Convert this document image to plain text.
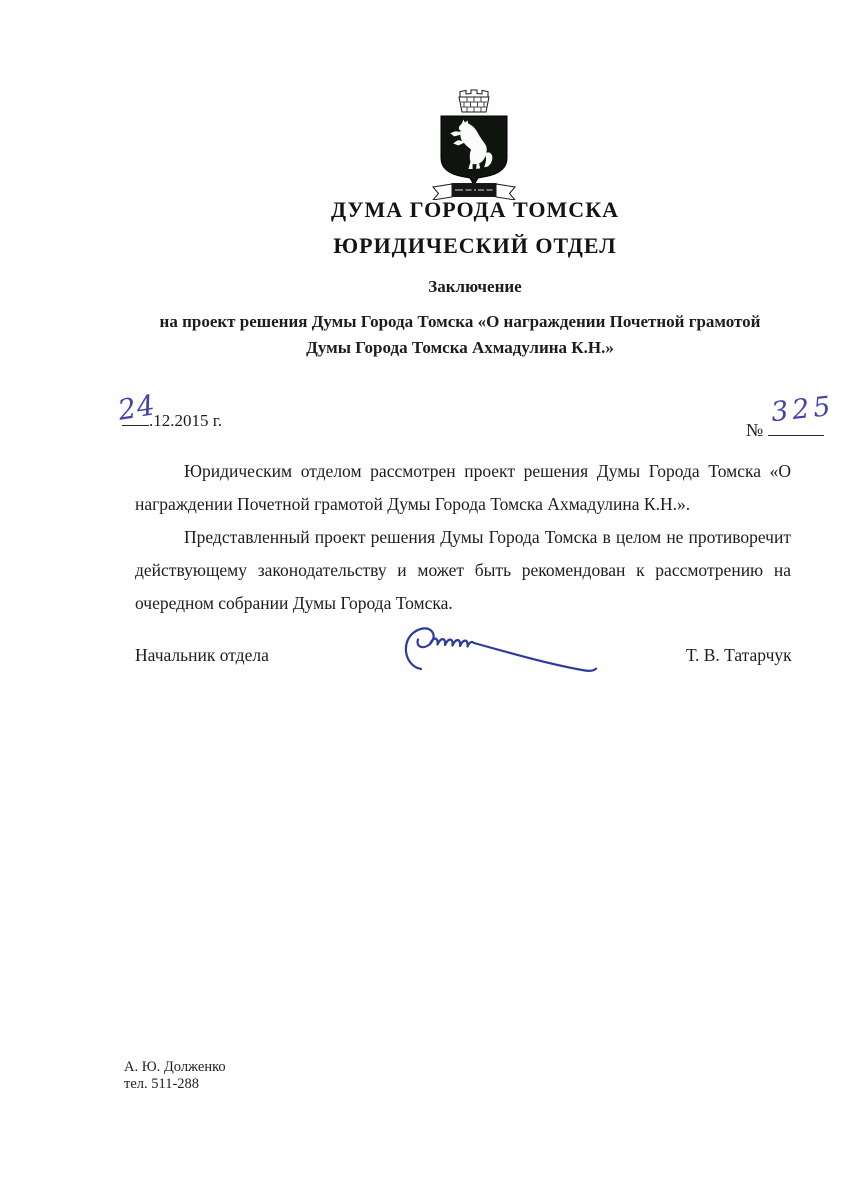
ДУМА ГОРОДА ТОМСКА
ЮРИДИЧЕСКИЙ ОТДЕЛ
Заключение
на проект решения Думы Города Томска «О награждении Почетной грамотой
Думы Города Томска Ахмадулина К.Н.»
24
.12.2015 г.	№
325

Юридическим отделом рассмотрен проект решения Думы Города Томска «О награждении Почетной грамотой Думы Города Томска Ахмадулина К.Н.».

Представленный проект решения Думы Города Томска в целом не противоречит действующему законодательству и может быть рекомендован к рассмотрению на очередном собрании Думы Города Томска.

Начальник отдела	Т. В. Татарчук
А. Ю. Долженко
тел. 511-288
